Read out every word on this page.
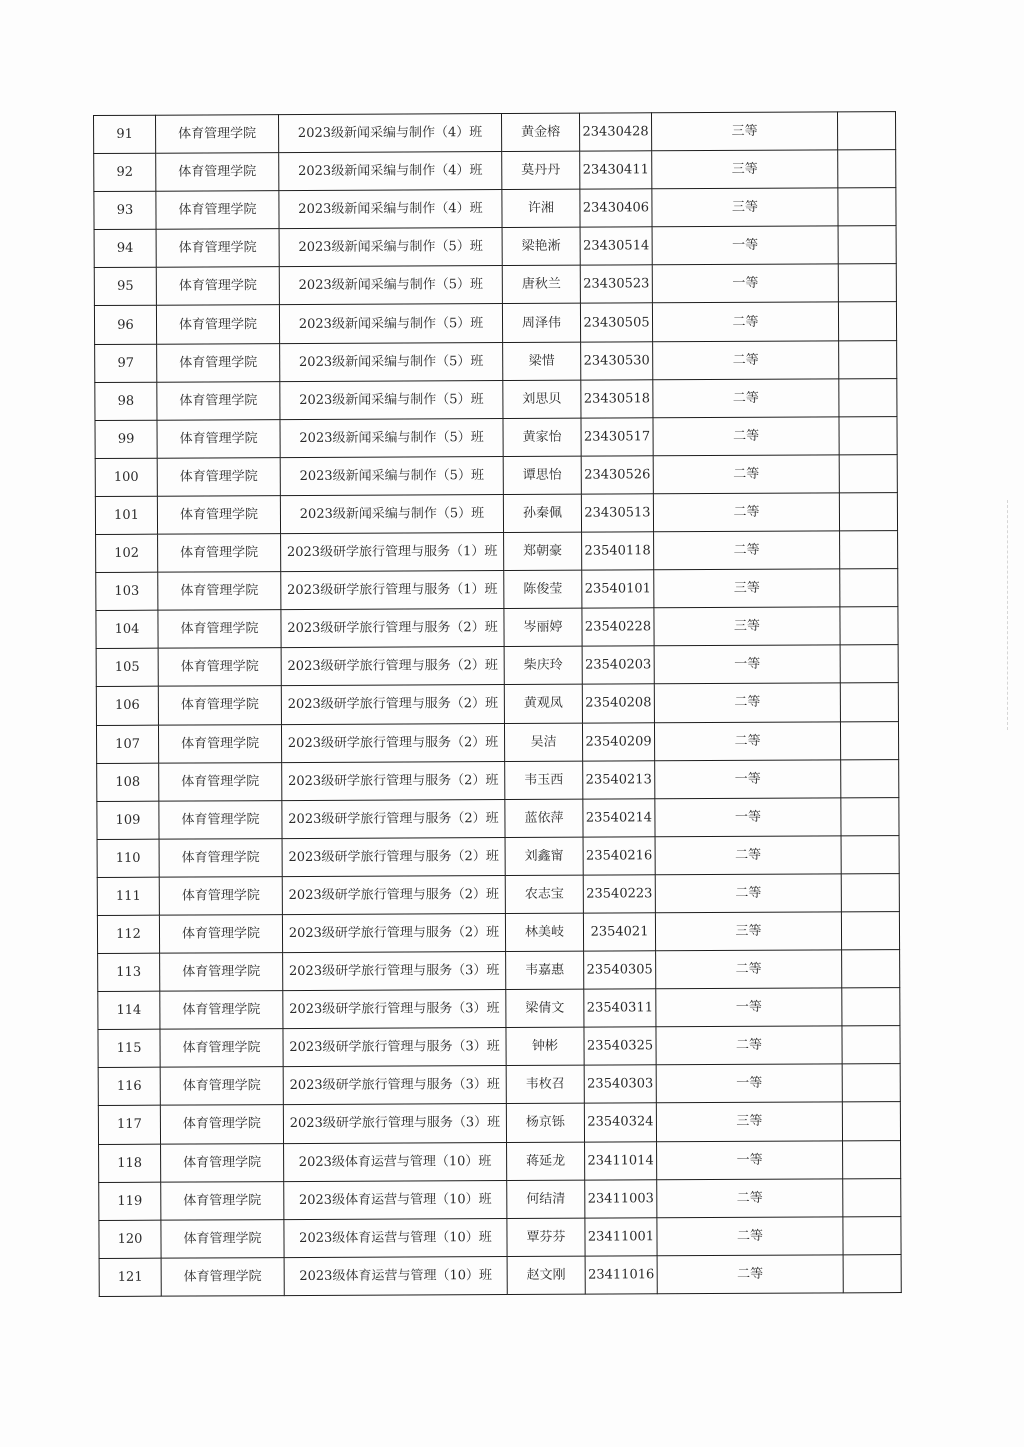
91	体育管理学院	2023级新闻采编与制作（4）班	黄金榕	23430428	三等	
92	体育管理学院	2023级新闻采编与制作（4）班	莫丹丹	23430411	三等	
93	体育管理学院	2023级新闻采编与制作（4）班	许湘	23430406	三等	
94	体育管理学院	2023级新闻采编与制作（5）班	梁艳淅	23430514	一等	
95	体育管理学院	2023级新闻采编与制作（5）班	唐秋兰	23430523	一等	
96	体育管理学院	2023级新闻采编与制作（5）班	周泽伟	23430505	二等	
97	体育管理学院	2023级新闻采编与制作（5）班	梁惜	23430530	二等	
98	体育管理学院	2023级新闻采编与制作（5）班	刘思贝	23430518	二等	
99	体育管理学院	2023级新闻采编与制作（5）班	黄家怡	23430517	二等	
100	体育管理学院	2023级新闻采编与制作（5）班	谭思怡	23430526	二等	
101	体育管理学院	2023级新闻采编与制作（5）班	孙秦佩	23430513	二等	
102	体育管理学院	2023级研学旅行管理与服务（1）班	郑朝豪	23540118	二等	
103	体育管理学院	2023级研学旅行管理与服务（1）班	陈俊莹	23540101	三等	
104	体育管理学院	2023级研学旅行管理与服务（2）班	岑丽婷	23540228	三等	
105	体育管理学院	2023级研学旅行管理与服务（2）班	柴庆玲	23540203	一等	
106	体育管理学院	2023级研学旅行管理与服务（2）班	黄观凤	23540208	二等	
107	体育管理学院	2023级研学旅行管理与服务（2）班	吴洁	23540209	二等	
108	体育管理学院	2023级研学旅行管理与服务（2）班	韦玉西	23540213	一等	
109	体育管理学院	2023级研学旅行管理与服务（2）班	蓝依萍	23540214	一等	
110	体育管理学院	2023级研学旅行管理与服务（2）班	刘鑫甯	23540216	二等	
111	体育管理学院	2023级研学旅行管理与服务（2）班	农志宝	23540223	二等	
112	体育管理学院	2023级研学旅行管理与服务（2）班	林美岐	2354021	三等	
113	体育管理学院	2023级研学旅行管理与服务（3）班	韦嘉惠	23540305	二等	
114	体育管理学院	2023级研学旅行管理与服务（3）班	梁倩文	23540311	一等	
115	体育管理学院	2023级研学旅行管理与服务（3）班	钟彬	23540325	二等	
116	体育管理学院	2023级研学旅行管理与服务（3）班	韦枚召	23540303	一等	
117	体育管理学院	2023级研学旅行管理与服务（3）班	杨京铄	23540324	三等	
118	体育管理学院	2023级体育运营与管理（10）班	蒋延龙	23411014	一等	
119	体育管理学院	2023级体育运营与管理（10）班	何结清	23411003	二等	
120	体育管理学院	2023级体育运营与管理（10）班	覃芬芬	23411001	二等	
121	体育管理学院	2023级体育运营与管理（10）班	赵文刚	23411016	二等	
